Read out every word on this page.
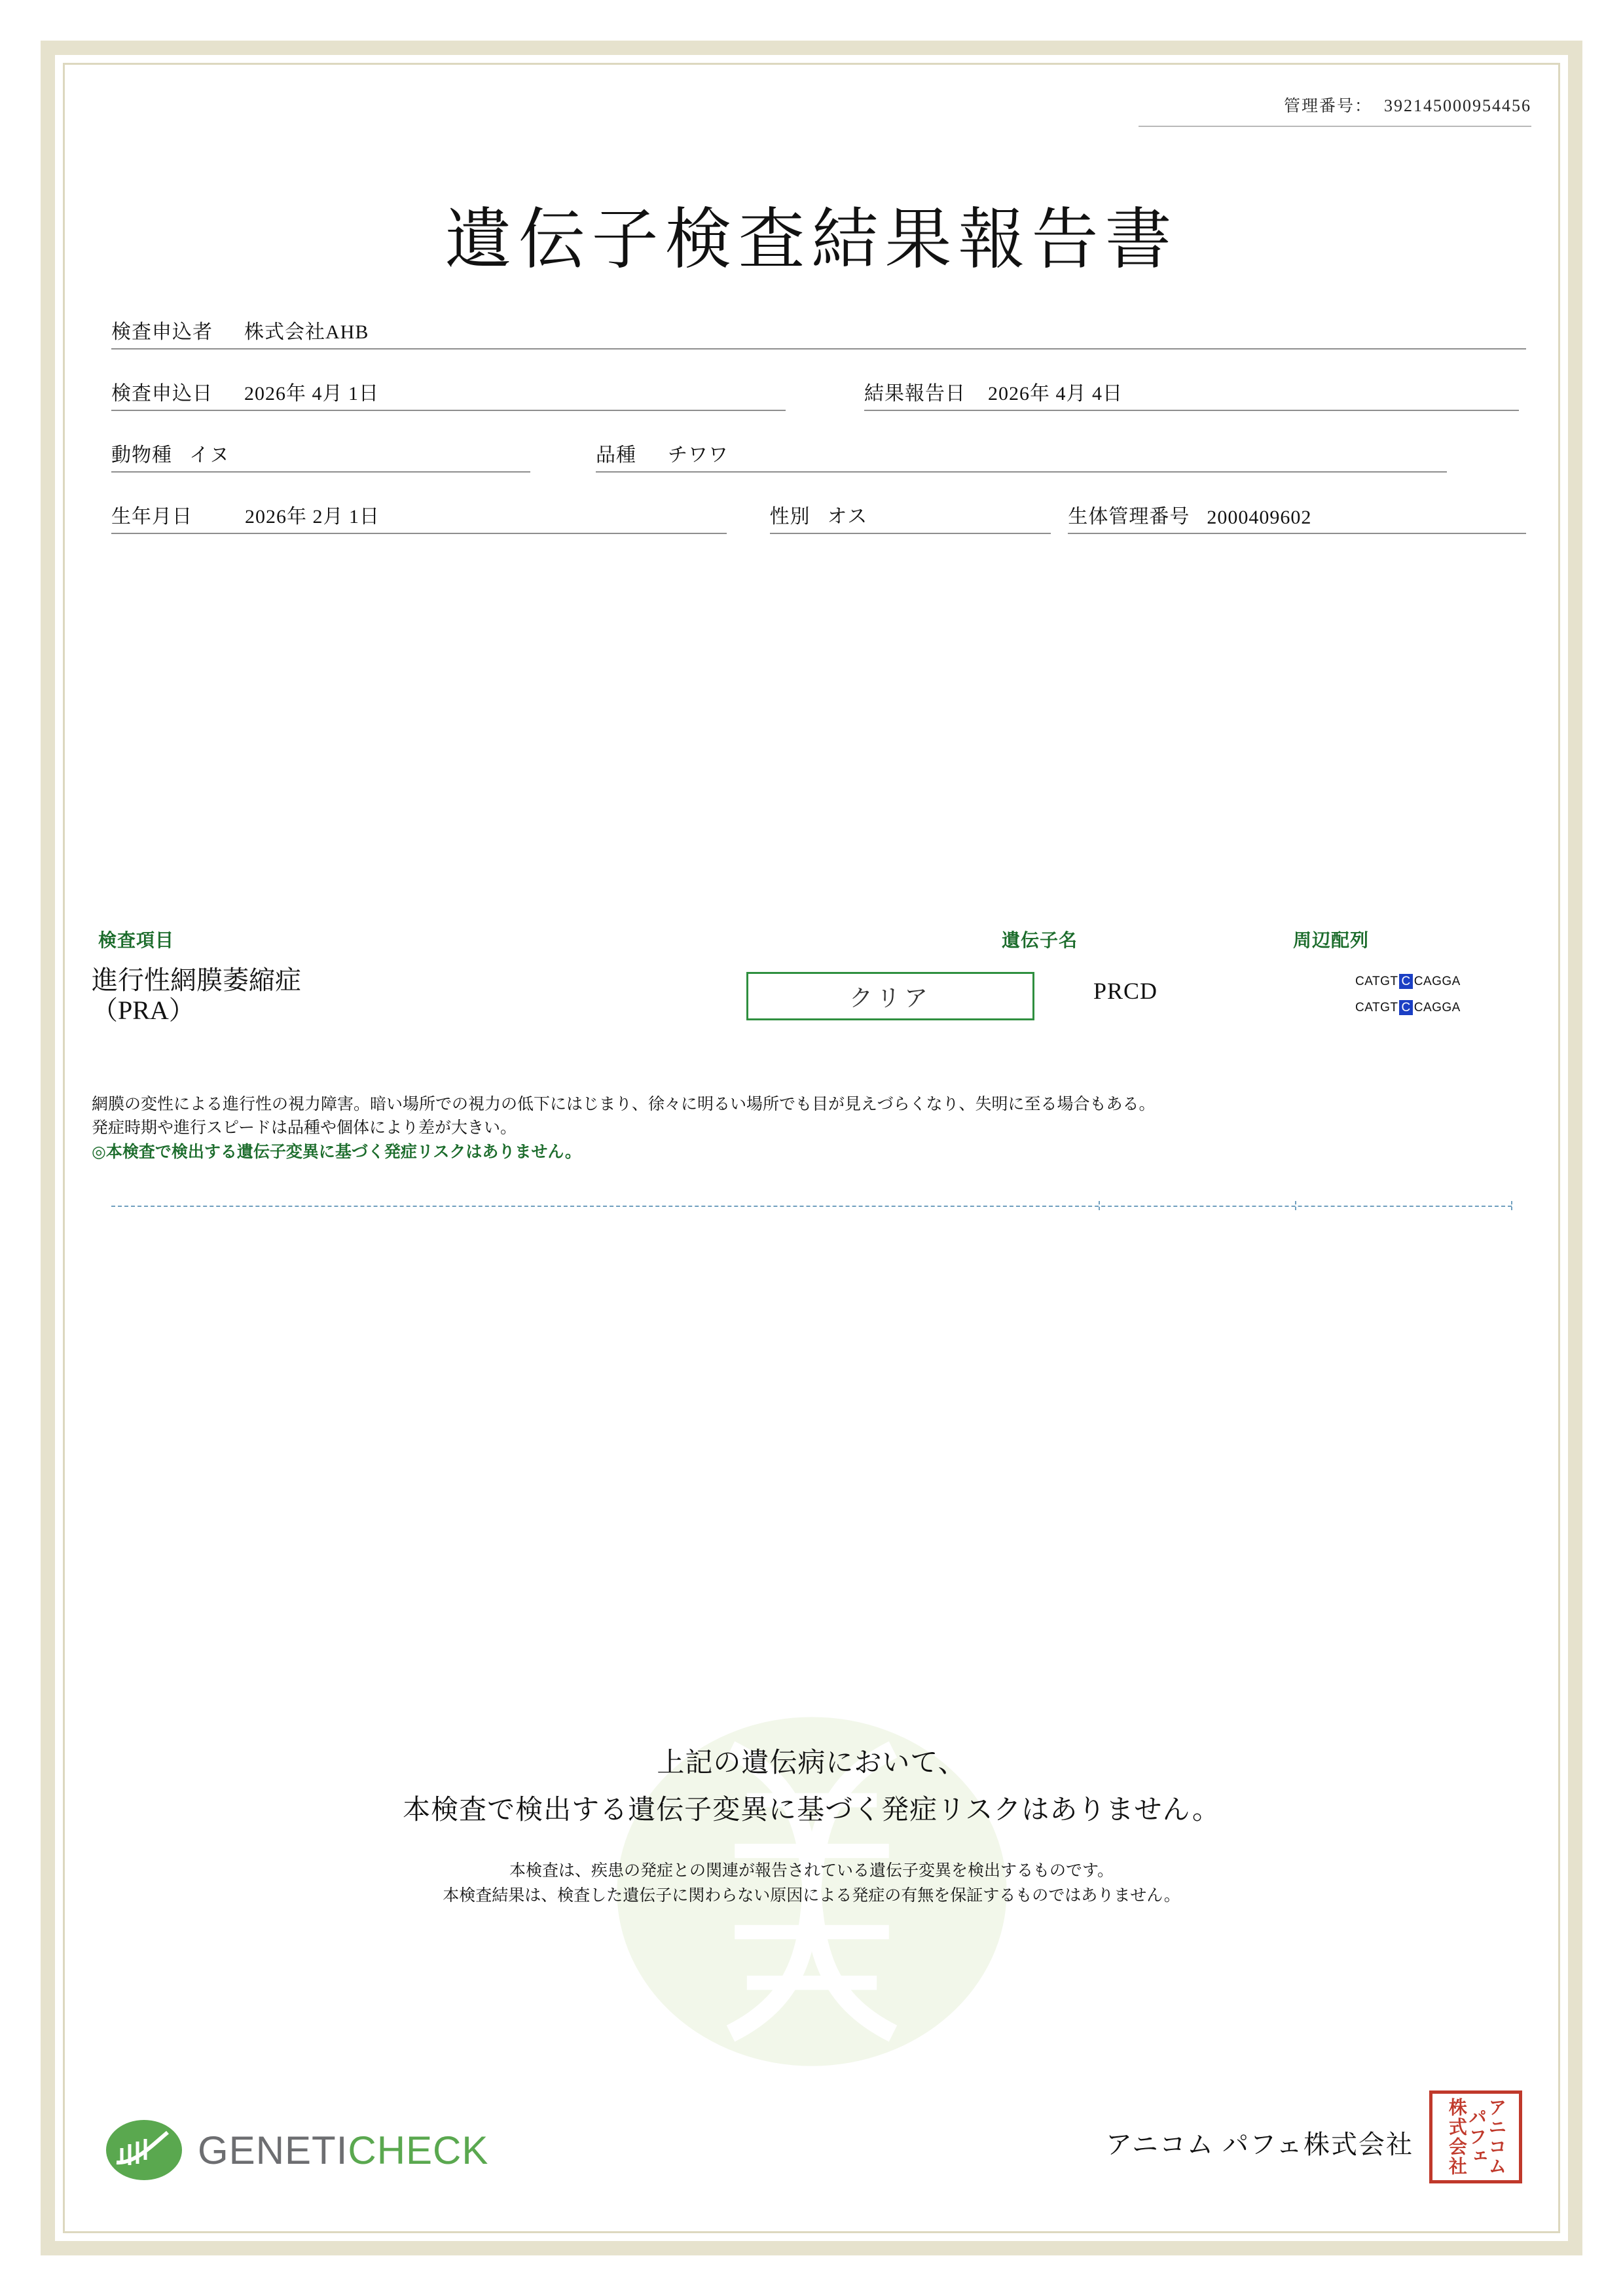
管理番号： 392145000954456
遺伝子検査結果報告書
検査申込者 株式会社AHB
検査申込日 2026年 4月 1日	結果報告日 2026年 4月 4日
動物種 イヌ	品種 チワワ
生年月日	2026年 2月 1日	性別 オス	生体管理番号 2000409602
検査項目	遺伝子名	周辺配列
進行性網膜萎縮症
（PRA）	クリア	PRCD	CATGT C CAGGA
CATGT C CAGGA
網膜の変性による進行性の視力障害。暗い場所での視力の低下にはじまり、徐々に明るい場所でも目が見えづらくなり、失明に至る場合もある。
発症時期や進行スピードは品種や個体により差が大きい。
◎本検査で検出する遺伝子変異に基づく発症リスクはありません。
上記の遺伝病において、
本検査で検出する遺伝子変異に基づく発症リスクはありません。
本検査は、疾患の発症との関連が報告されている遺伝子変異を検出するものです。
本検査結果は、検査した遺伝子に関わらない原因による発症の有無を保証するものではありません。
GENETI CHECK	アニコム パフェ株式会社	アニコム
パフェ
株式会社
